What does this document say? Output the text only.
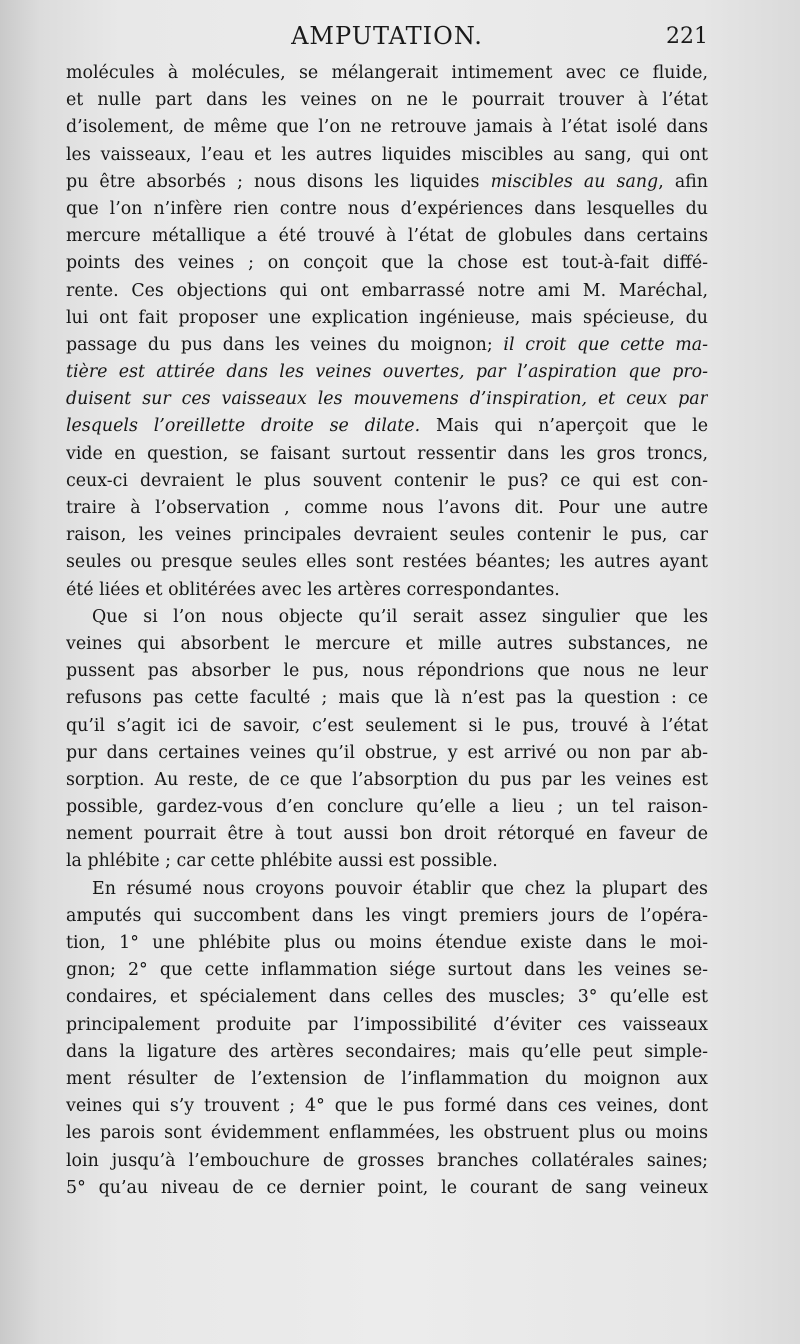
AMPUTATION.	221
molécules à molécules, se mélangerait intimement avec ce fluide,
et nulle part dans les veines on ne le pourrait trouver à l’état
d’isolement, de même que l’on ne retrouve jamais à l’état isolé dans
les vaisseaux, l’eau et les autres liquides miscibles au sang, qui ont
pu être absorbés ; nous disons les liquides miscibles au sang, afin
que l’on n’infère rien contre nous d’expériences dans lesquelles du
mercure métallique a été trouvé à l’état de globules dans certains
points des veines ; on conçoit que la chose est tout-à-fait diffé-
rente. Ces objections qui ont embarrassé notre ami M. Maréchal,
lui ont fait proposer une explication ingénieuse, mais spécieuse, du
passage du pus dans les veines du moignon; il croit que cette ma-
tière est attirée dans les veines ouvertes, par l’aspiration que pro-
duisent sur ces vaisseaux les mouvemens d’inspiration, et ceux par
lesquels l’oreillette droite se dilate. Mais qui n’aperçoit que le
vide en question, se faisant surtout ressentir dans les gros troncs,
ceux-ci devraient le plus souvent contenir le pus? ce qui est con-
traire à l’observation , comme nous l’avons dit. Pour une autre
raison, les veines principales devraient seules contenir le pus, car
seules ou presque seules elles sont restées béantes; les autres ayant
été liées et oblitérées avec les artères correspondantes.
Que si l’on nous objecte qu’il serait assez singulier que les
veines qui absorbent le mercure et mille autres substances, ne
pussent pas absorber le pus, nous répondrions que nous ne leur
refusons pas cette faculté ; mais que là n’est pas la question : ce
qu’il s’agit ici de savoir, c’est seulement si le pus, trouvé à l’état
pur dans certaines veines qu’il obstrue, y est arrivé ou non par ab-
sorption. Au reste, de ce que l’absorption du pus par les veines est
possible, gardez-vous d’en conclure qu’elle a lieu ; un tel raison-
nement pourrait être à tout aussi bon droit rétorqué en faveur de
la phlébite ; car cette phlébite aussi est possible.
En résumé nous croyons pouvoir établir que chez la plupart des
amputés qui succombent dans les vingt premiers jours de l’opéra-
tion, 1° une phlébite plus ou moins étendue existe dans le moi-
gnon; 2° que cette inflammation siége surtout dans les veines se-
condaires, et spécialement dans celles des muscles; 3° qu’elle est
principalement produite par l’impossibilité d’éviter ces vaisseaux
dans la ligature des artères secondaires; mais qu’elle peut simple-
ment résulter de l’extension de l’inflammation du moignon aux
veines qui s’y trouvent ; 4° que le pus formé dans ces veines, dont
les parois sont évidemment enflammées, les obstruent plus ou moins
loin jusqu’à l’embouchure de grosses branches collatérales saines;
5° qu’au niveau de ce dernier point, le courant de sang veineux
